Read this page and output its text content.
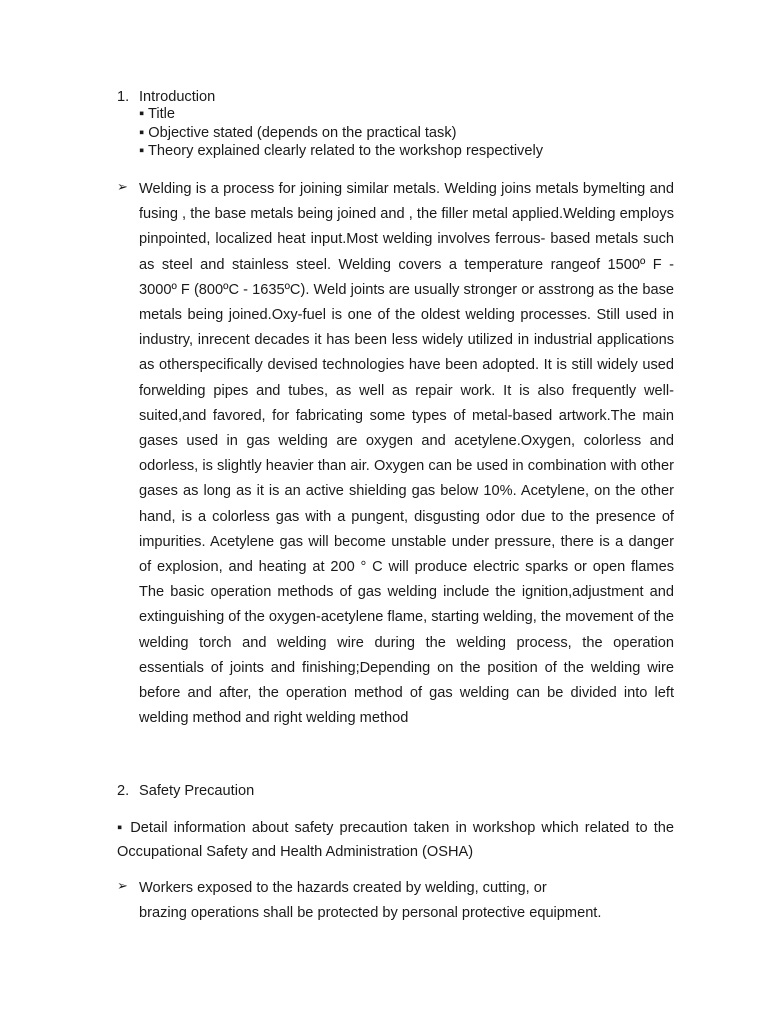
1. Introduction
▪ Title
▪ Objective stated (depends on the practical task)
▪ Theory explained clearly related to the workshop respectively
➢ Welding is a process for joining similar metals. Welding joins metals bymelting and fusing , the base metals being joined and , the filler metal applied.Welding employs pinpointed, localized heat input.Most welding involves ferrous- based metals such as steel and stainless steel. Welding covers a temperature rangeof 1500º F - 3000º F (800ºC - 1635ºC). Weld joints are usually stronger or asstrong as the base metals being joined.Oxy-fuel is one of the oldest welding processes. Still used in industry, inrecent decades it has been less widely utilized in industrial applications as otherspecifically devised technologies have been adopted. It is still widely used forwelding pipes and tubes, as well as repair work. It is also frequently well-suited,and favored, for fabricating some types of metal-based artwork.The main gases used in gas welding are oxygen and acetylene.Oxygen, colorless and odorless, is slightly heavier than air. Oxygen can be used in combination with other gases as long as it is an active shielding gas below 10%. Acetylene, on the other hand, is a colorless gas with a pungent, disgusting odor due to the presence of impurities. Acetylene gas will become unstable under pressure, there is a danger of explosion, and heating at 200 ° C will produce electric sparks or open flames The basic operation methods of gas welding include the ignition,adjustment and extinguishing of the oxygen-acetylene flame, starting welding, the movement of the welding torch and welding wire during the welding process, the operation essentials of joints and finishing;Depending on the position of the welding wire before and after, the operation method of gas welding can be divided into left welding method and right welding method
2. Safety Precaution
▪ Detail information about safety precaution taken in workshop which related to the Occupational Safety and Health Administration (OSHA)
➢ Workers exposed to the hazards created by welding, cutting, or
brazing operations shall be protected by personal protective equipment.
